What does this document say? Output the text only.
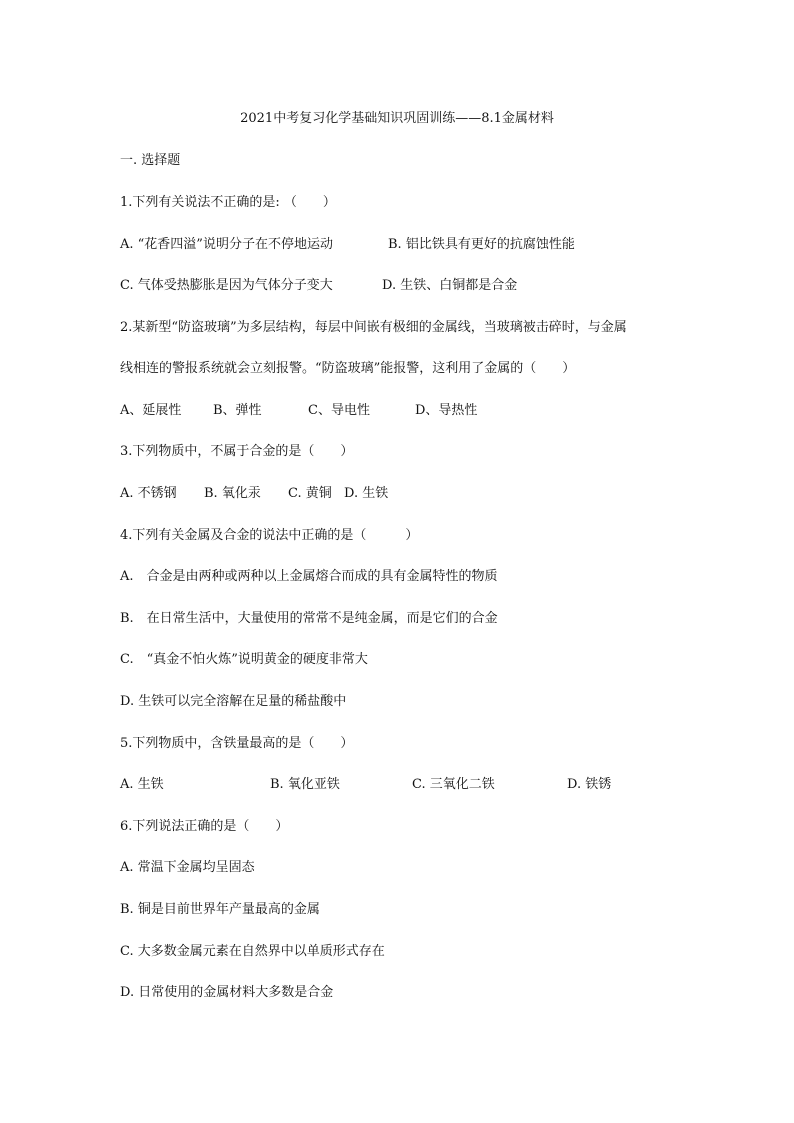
2021中考复习化学基础知识巩固训练——8.1金属材料
一. 选择题
1.下列有关说法不正确的是: （　　）
A. “花香四溢”说明分子在不停地运动	B. 铝比铁具有更好的抗腐蚀性能
C. 气体受热膨胀是因为气体分子变大	D. 生铁、白铜都是合金
2.某新型“防盗玻璃”为多层结构，每层中间嵌有极细的金属线，当玻璃被击碎时，与金属
线相连的警报系统就会立刻报警。“防盗玻璃”能报警，这利用了金属的（　　）
A、延展性 B、弹性	C、导电性	D、导热性
3.下列物质中，不属于合金的是（　　）
A. 不锈钢 B. 氧化汞 C. 黄铜 D. 生铁
4.下列有关金属及合金的说法中正确的是（　　　）
A.　合金是由两种或两种以上金属熔合而成的具有金属特性的物质
B.　在日常生活中，大量使用的常常不是纯金属，而是它们的合金
C.　“真金不怕火炼”说明黄金的硬度非常大
D. 生铁可以完全溶解在足量的稀盐酸中
5.下列物质中，含铁量最高的是（　　）
A. 生铁	B. 氧化亚铁	C. 三氧化二铁	D. 铁锈
6.下列说法正确的是（　　）
A. 常温下金属均呈固态
B. 铜是目前世界年产量最高的金属
C. 大多数金属元素在自然界中以单质形式存在
D. 日常使用的金属材料大多数是合金
